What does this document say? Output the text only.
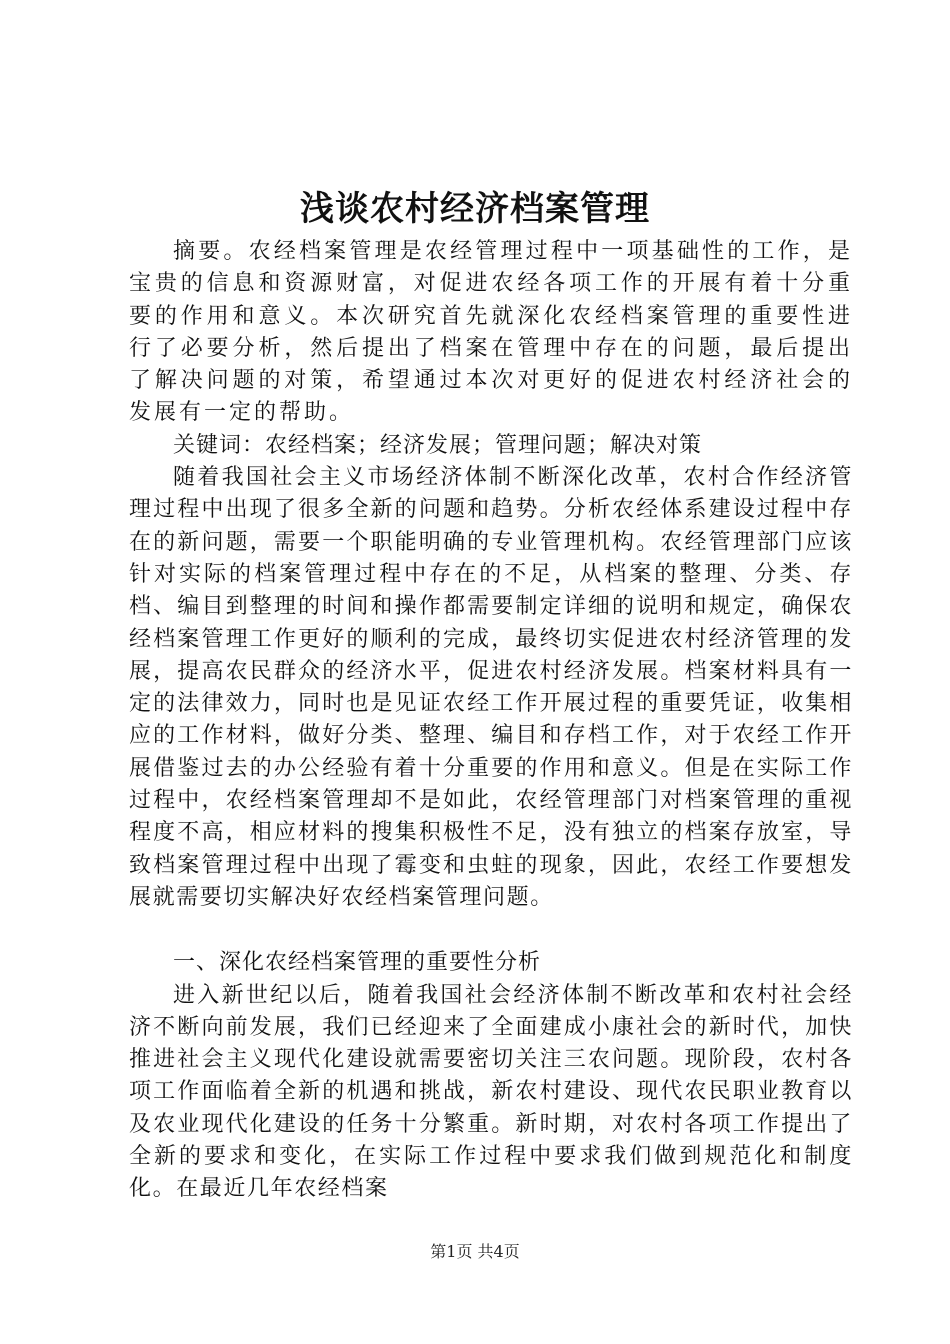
浅谈农村经济档案管理

摘要。农经档案管理是农经管理过程中一项基础性的工作，是宝贵的信息和资源财富，对促进农经各项工作的开展有着十分重要的作用和意义。本次研究首先就深化农经档案管理的重要性进行了必要分析，然后提出了档案在管理中存在的问题，最后提出了解决问题的对策，希望通过本次对更好的促进农村经济社会的发展有一定的帮助。

关键词：农经档案；经济发展；管理问题；解决对策

随着我国社会主义市场经济体制不断深化改革，农村合作经济管理过程中出现了很多全新的问题和趋势。分析农经体系建设过程中存在的新问题，需要一个职能明确的专业管理机构。农经管理部门应该针对实际的档案管理过程中存在的不足，从档案的整理、分类、存档、编目到整理的时间和操作都需要制定详细的说明和规定，确保农经档案管理工作更好的顺利的完成，最终切实促进农村经济管理的发展，提高农民群众的经济水平，促进农村经济发展。档案材料具有一定的法律效力，同时也是见证农经工作开展过程的重要凭证，收集相应的工作材料，做好分类、整理、编目和存档工作，对于农经工作开展借鉴过去的办公经验有着十分重要的作用和意义。但是在实际工作过程中，农经档案管理却不是如此，农经管理部门对档案管理的重视程度不高，相应材料的搜集积极性不足，没有独立的档案存放室，导致档案管理过程中出现了霉变和虫蛀的现象，因此，农经工作要想发展就需要切实解决好农经档案管理问题。

一、深化农经档案管理的重要性分析

进入新世纪以后，随着我国社会经济体制不断改革和农村社会经济不断向前发展，我们已经迎来了全面建成小康社会的新时代，加快推进社会主义现代化建设就需要密切关注三农问题。现阶段，农村各项工作面临着全新的机遇和挑战，新农村建设、现代农民职业教育以及农业现代化建设的任务十分繁重。新时期，对农村各项工作提出了全新的要求和变化，在实际工作过程中要求我们做到规范化和制度化。在最近几年农经档案

第1页 共4页
